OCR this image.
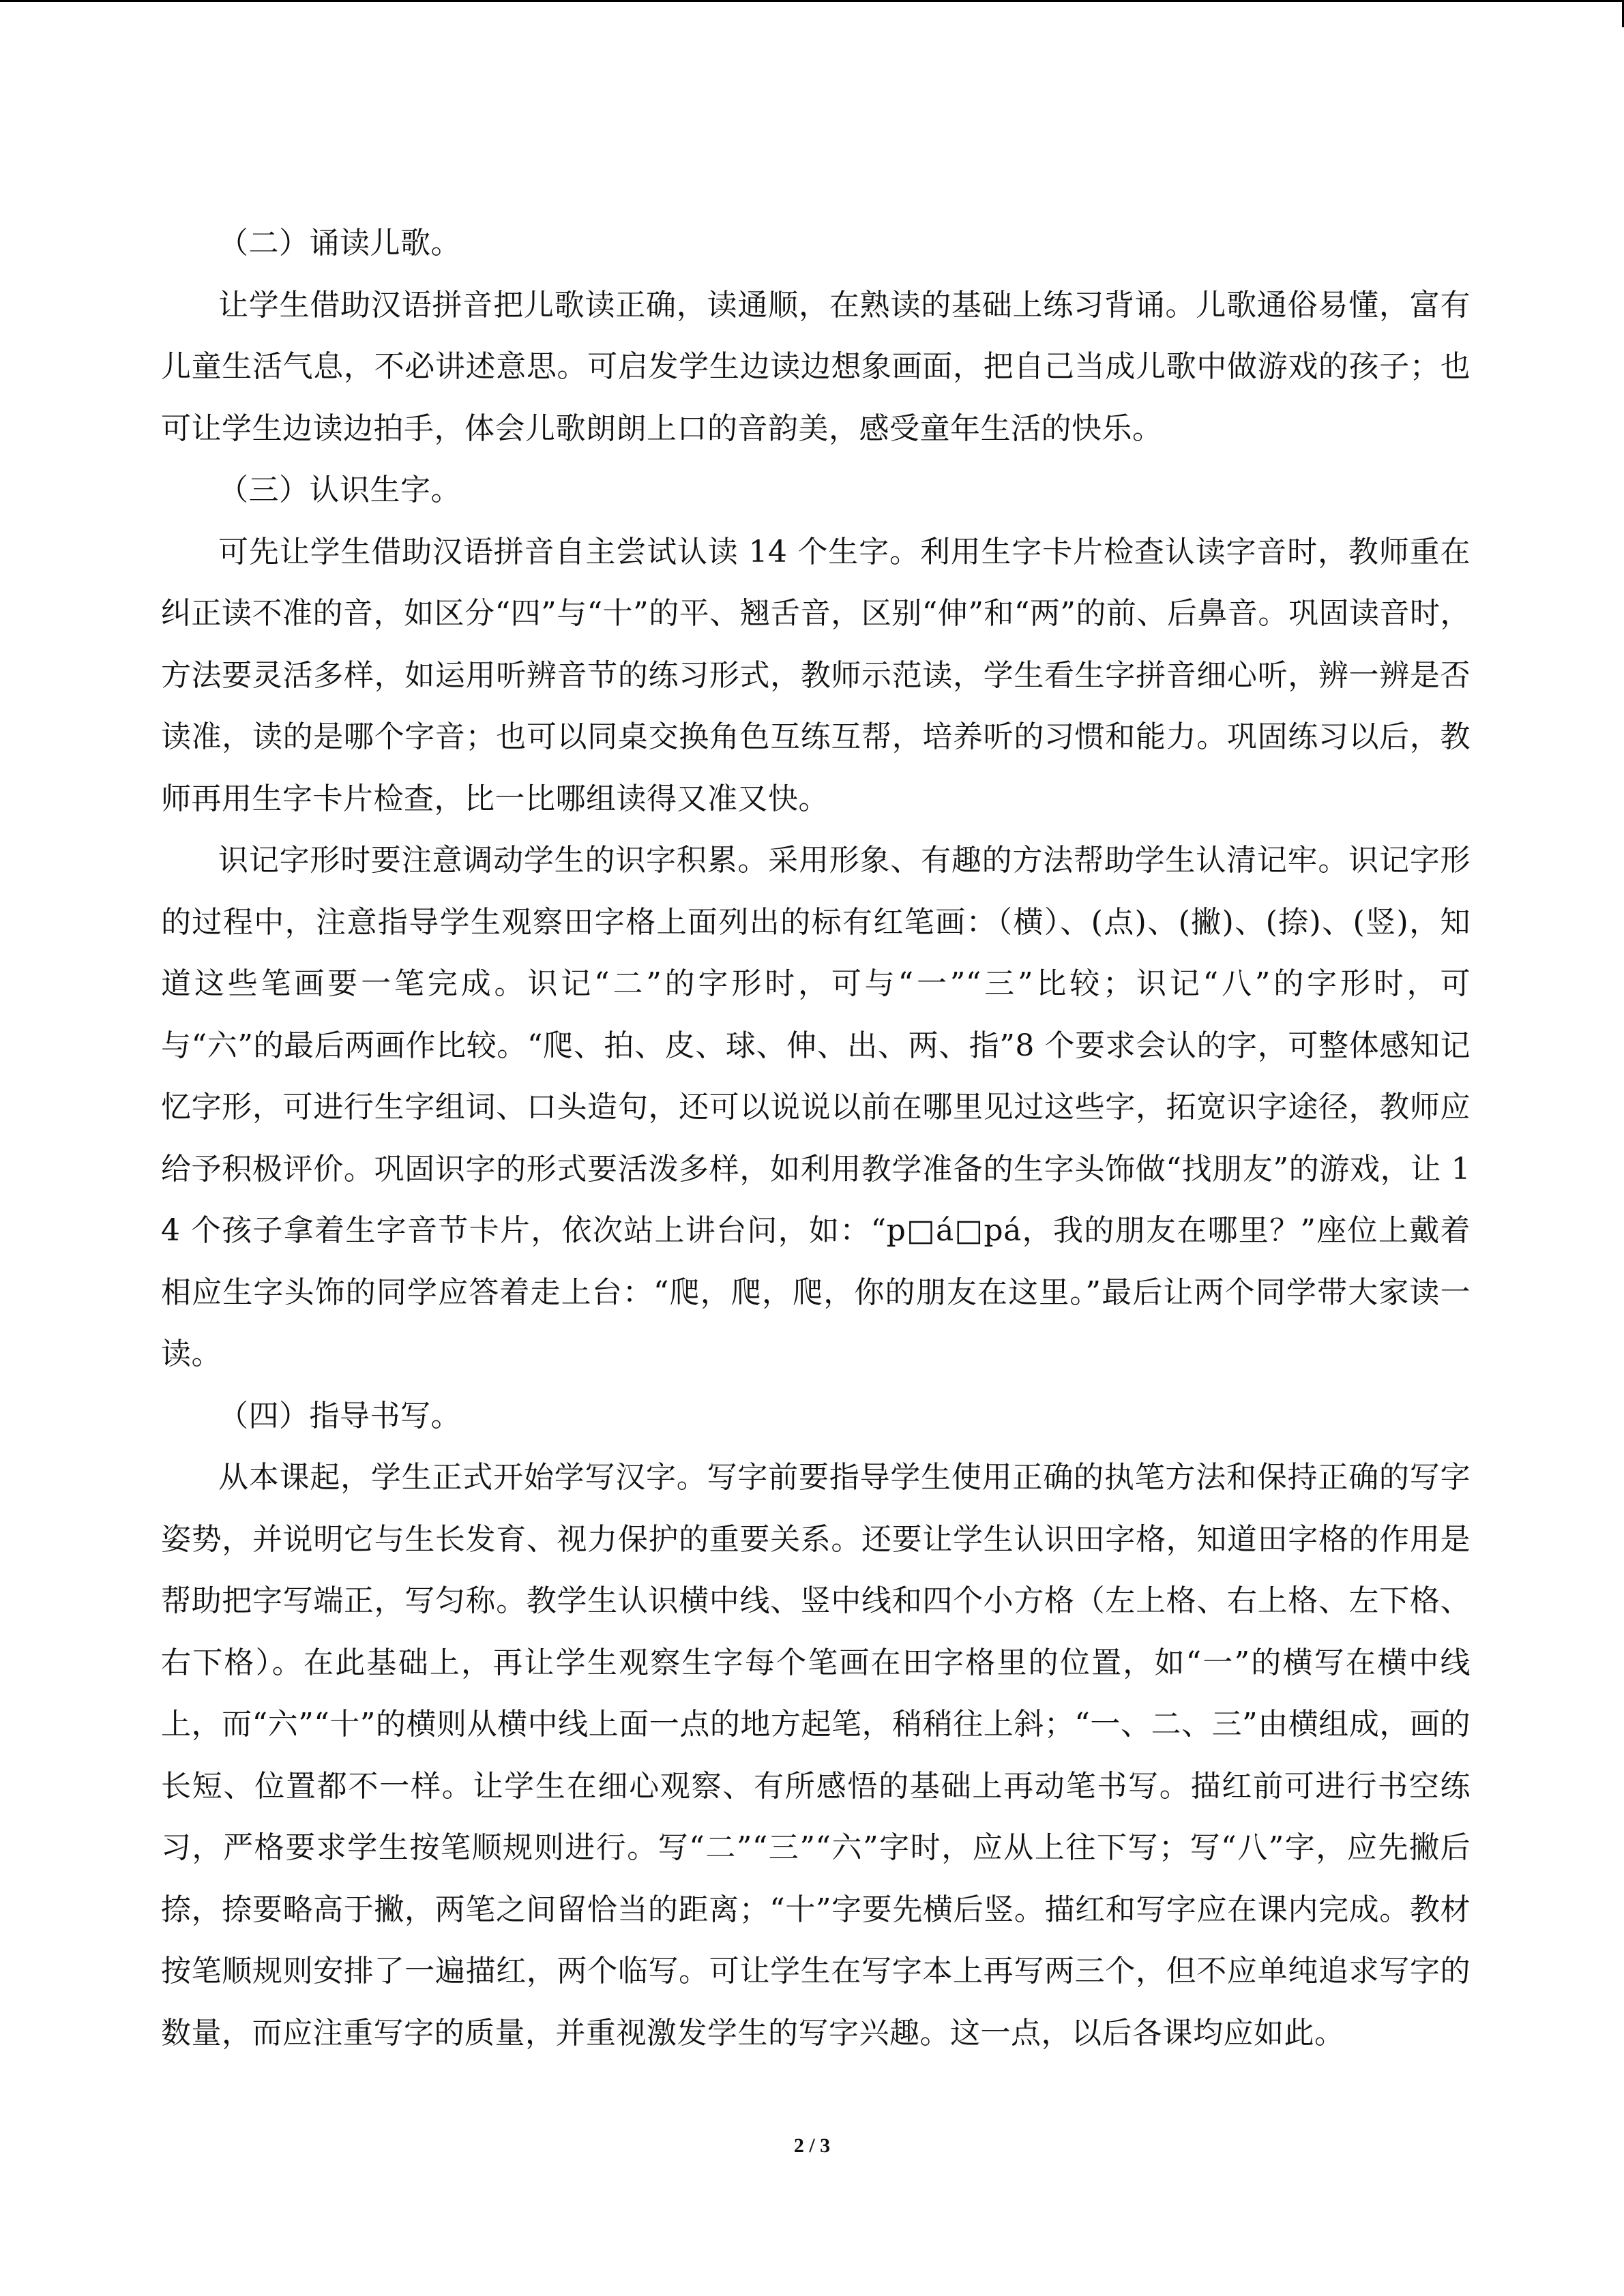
（二）诵读儿歌。

让学生借助汉语拼音把儿歌读正确，读通顺，在熟读的基础上练习背诵。儿歌通俗易懂，富有儿童生活气息，不必讲述意思。可启发学生边读边想象画面，把自己当成儿歌中做游戏的孩子；也可让学生边读边拍手，体会儿歌朗朗上口的音韵美，感受童年生活的快乐。

（三）认识生字。

可先让学生借助汉语拼音自主尝试认读 14 个生字。利用生字卡片检查认读字音时，教师重在纠正读不准的音，如区分“四”与“十”的平、翘舌音，区别“伸”和“两”的前、后鼻音。巩固读音时，方法要灵活多样，如运用听辨音节的练习形式，教师示范读，学生看生字拼音细心听，辨一辨是否读准，读的是哪个字音；也可以同桌交换角色互练互帮，培养听的习惯和能力。巩固练习以后，教师再用生字卡片检查，比一比哪组读得又准又快。

识记字形时要注意调动学生的识字积累。采用形象、有趣的方法帮助学生认清记牢。识记字形的过程中，注意指导学生观察田字格上面列出的标有红笔画：（横）、(点)、(撇)、(捺)、(竖)，知道这些笔画要一笔完成。识记“二”的字形时，可与“一”“三”比较；识记“八”的字形时，可与“六”的最后两画作比较。“爬、拍、皮、球、伸、出、两、指”8 个要求会认的字，可整体感知记忆字形，可进行生字组词、口头造句，还可以说说以前在哪里见过这些字，拓宽识字途径，教师应给予积极评价。巩固识字的形式要活泼多样，如利用教学准备的生字头饰做“找朋友”的游戏，让 14 个孩子拿着生字音节卡片，依次站上讲台问，如：“p□á□pá，我的朋友在哪里？”座位上戴着相应生字头饰的同学应答着走上台：“爬，爬，爬，你的朋友在这里。”最后让两个同学带大家读一读。

（四）指导书写。

从本课起，学生正式开始学写汉字。写字前要指导学生使用正确的执笔方法和保持正确的写字姿势，并说明它与生长发育、视力保护的重要关系。还要让学生认识田字格，知道田字格的作用是帮助把字写端正，写匀称。教学生认识横中线、竖中线和四个小方格（左上格、右上格、左下格、右下格）。在此基础上，再让学生观察生字每个笔画在田字格里的位置，如“一”的横写在横中线上，而“六”“十”的横则从横中线上面一点的地方起笔，稍稍往上斜；“一、二、三”由横组成，画的长短、位置都不一样。让学生在细心观察、有所感悟的基础上再动笔书写。描红前可进行书空练习，严格要求学生按笔顺规则进行。写“二”“三”“六”字时，应从上往下写；写“八”字，应先撇后捺，捺要略高于撇，两笔之间留恰当的距离；“十”字要先横后竖。描红和写字应在课内完成。教材按笔顺规则安排了一遍描红，两个临写。可让学生在写字本上再写两三个，但不应单纯追求写字的数量，而应注重写字的质量，并重视激发学生的写字兴趣。这一点，以后各课均应如此。

2 / 3
